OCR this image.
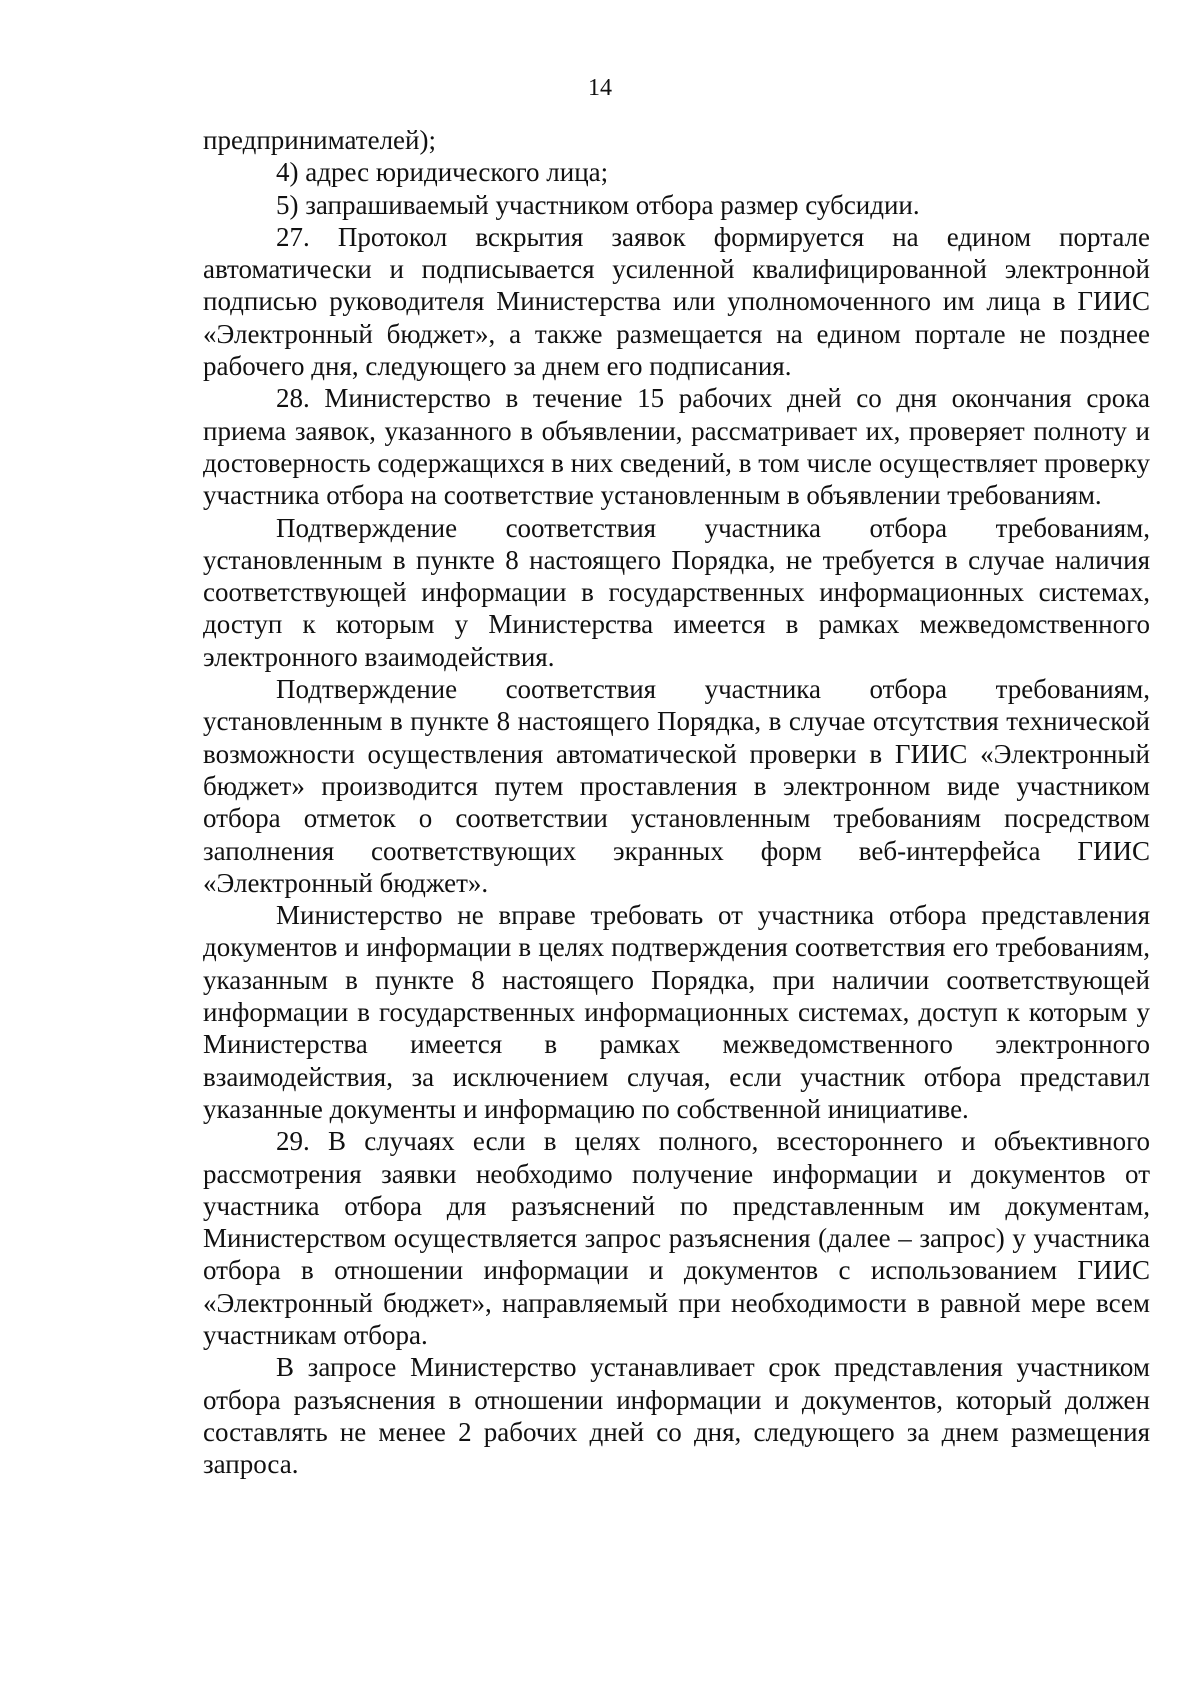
14

предпринимателей);

4) адрес юридического лица;

5) запрашиваемый участником отбора размер субсидии.

27. Протокол вскрытия заявок формируется на едином портале автоматически и подписывается усиленной квалифицированной электронной подписью руководителя Министерства или уполномоченного им лица в ГИИС «Электронный бюджет», а также размещается на едином портале не позднее рабочего дня, следующего за днем его подписания.

28. Министерство в течение 15 рабочих дней со дня окончания срока приема заявок, указанного в объявлении, рассматривает их, проверяет полноту и достоверность содержащихся в них сведений, в том числе осуществляет проверку участника отбора на соответствие установленным в объявлении требованиям.

Подтверждение соответствия участника отбора требованиям, установленным в пункте 8 настоящего Порядка, не требуется в случае наличия соответствующей информации в государственных информационных системах, доступ к которым у Министерства имеется в рамках межведомственного электронного взаимодействия.

Подтверждение соответствия участника отбора требованиям, установленным в пункте 8 настоящего Порядка, в случае отсутствия технической возможности осуществления автоматической проверки в ГИИС «Электронный бюджет» производится путем проставления в электронном виде участником отбора отметок о соответствии установленным требованиям посредством заполнения соответствующих экранных форм веб-интерфейса ГИИС «Электронный бюджет».

Министерство не вправе требовать от участника отбора представления документов и информации в целях подтверждения соответствия его требованиям, указанным в пункте 8 настоящего Порядка, при наличии соответствующей информации в государственных информационных системах, доступ к которым у Министерства имеется в рамках межведомственного электронного взаимодействия, за исключением случая, если участник отбора представил указанные документы и информацию по собственной инициативе.

29. В случаях если в целях полного, всестороннего и объективного рассмотрения заявки необходимо получение информации и документов от участника отбора для разъяснений по представленным им документам, Министерством осуществляется запрос разъяснения (далее – запрос) у участника отбора в отношении информации и документов с использованием ГИИС «Электронный бюджет», направляемый при необходимости в равной мере всем участникам отбора.

В запросе Министерство устанавливает срок представления участником отбора разъяснения в отношении информации и документов, который должен составлять не менее 2 рабочих дней со дня, следующего за днем размещения запроса.
